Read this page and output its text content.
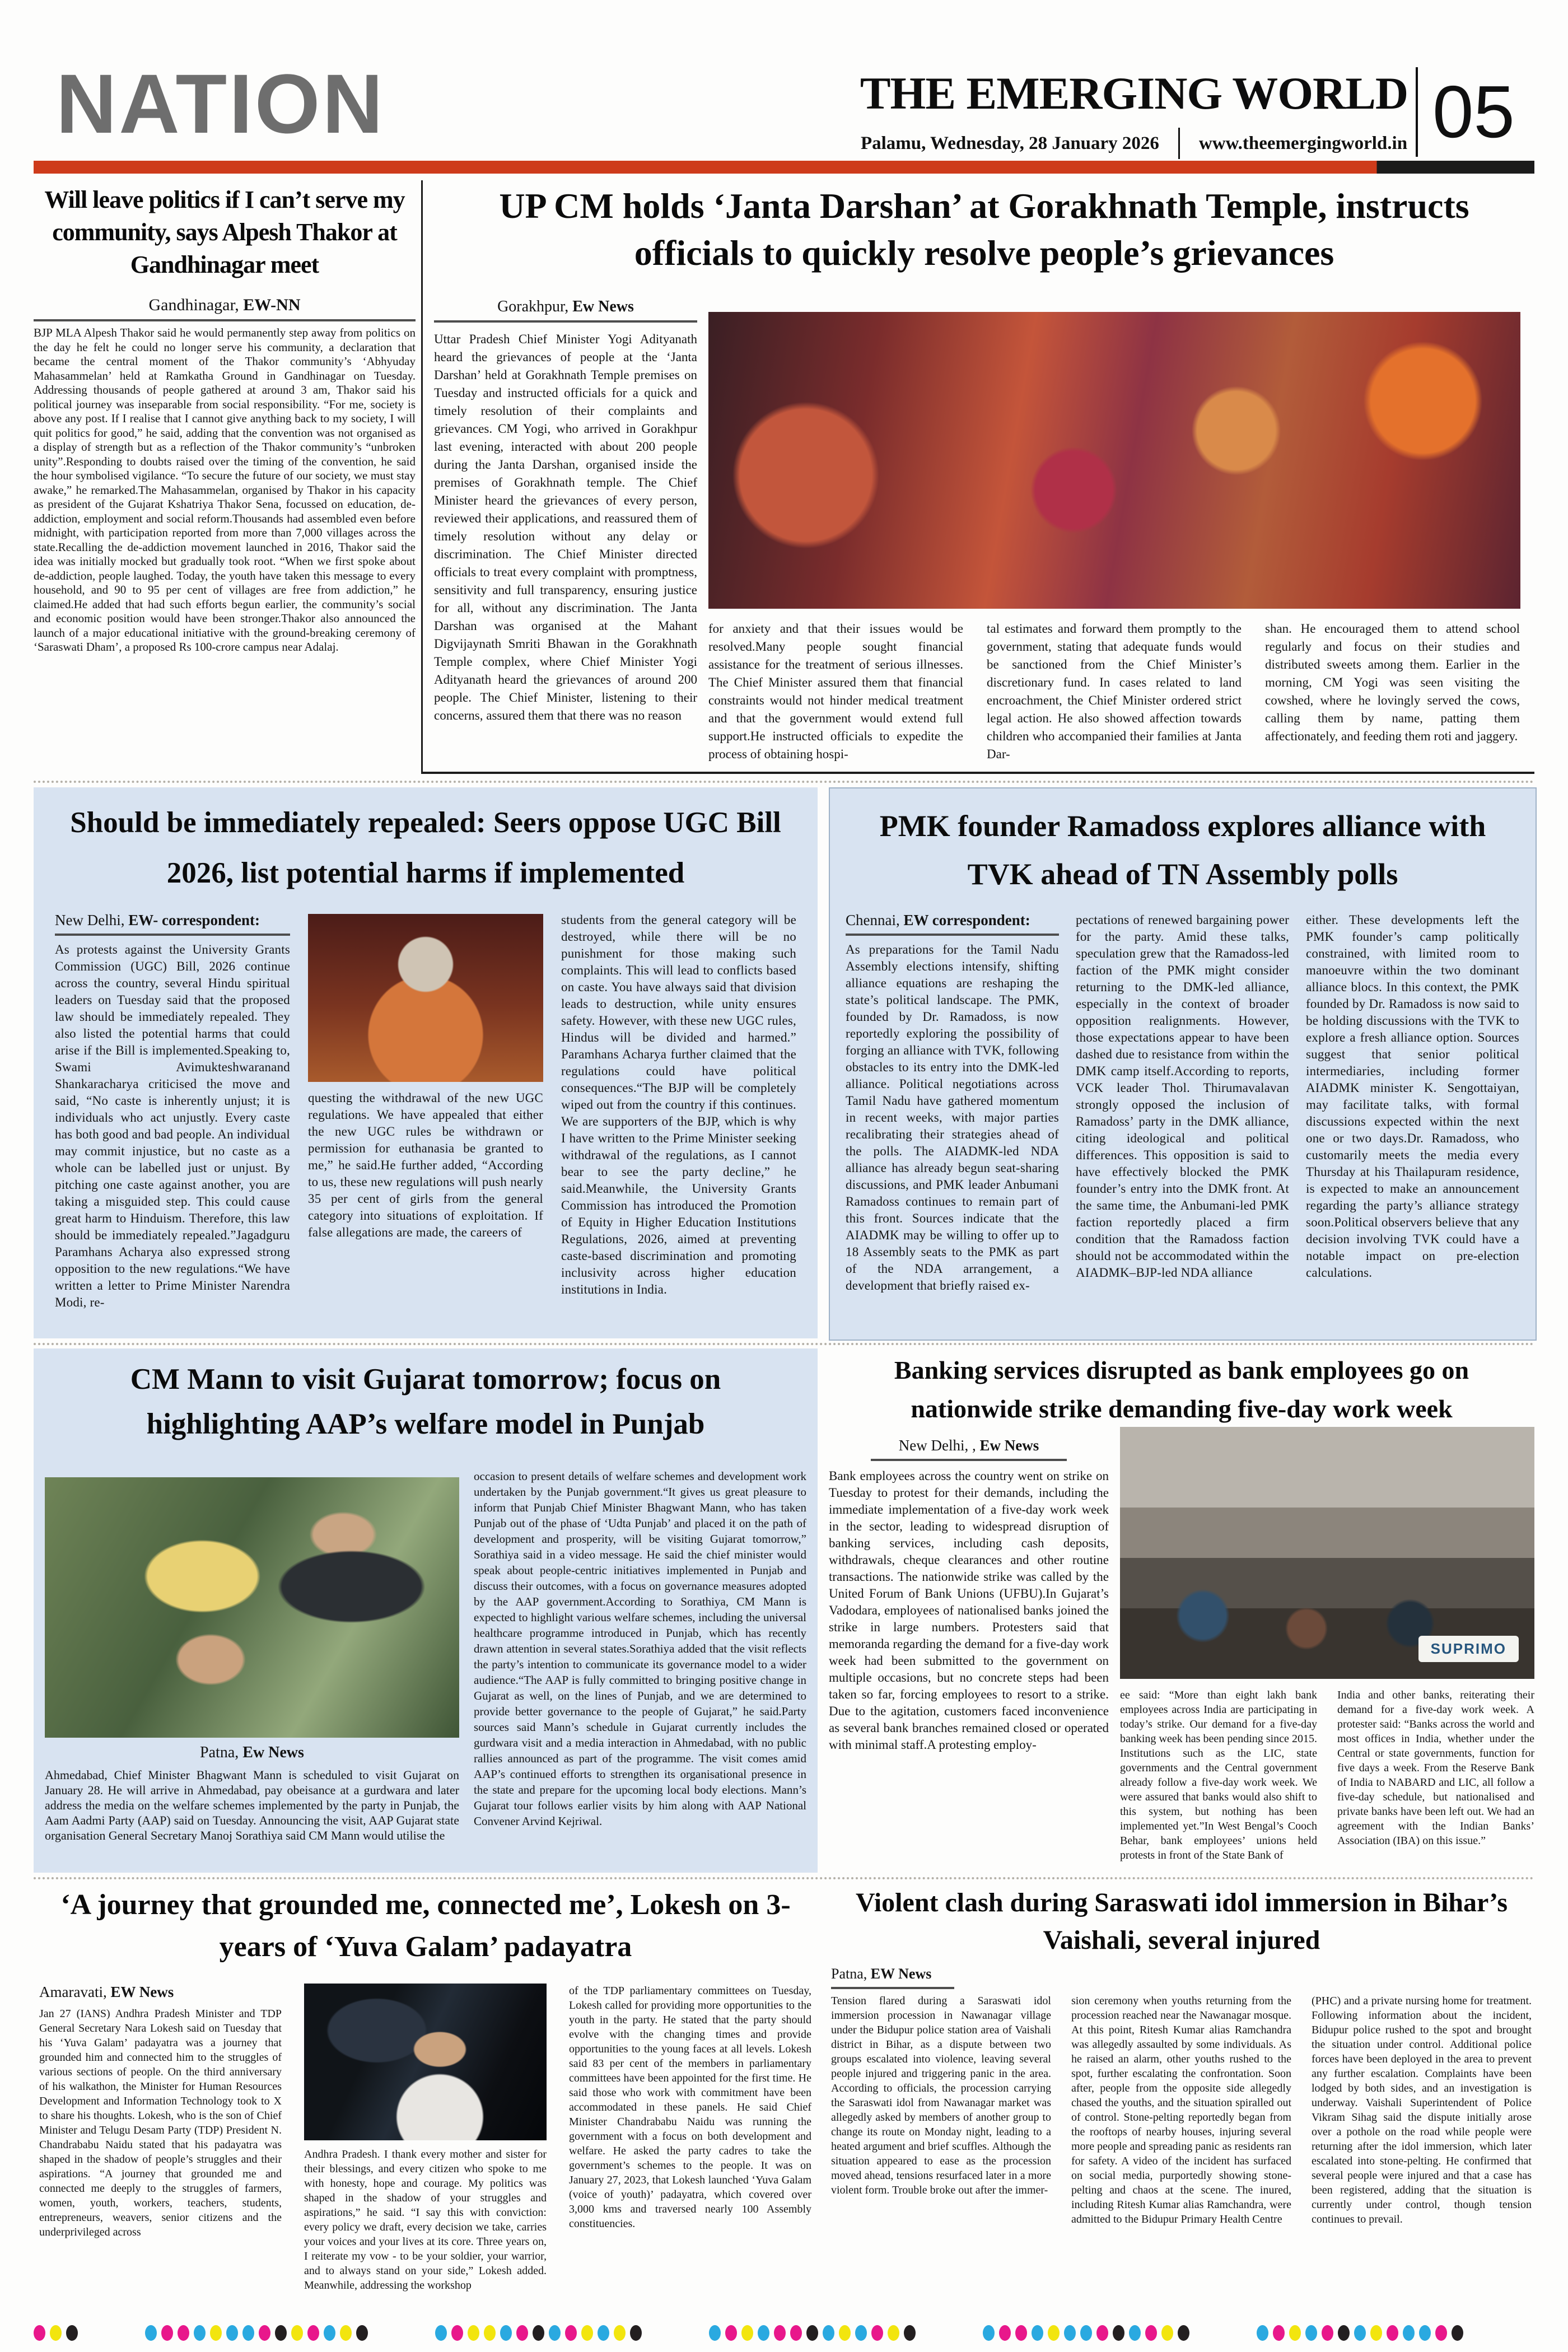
NATION	THE EMERGING WORLD
Palamu, Wednesday, 28 January 2026 www.theemergingworld.in 05
Will leave politics if I can’t serve my community, says Alpesh Thakor at Gandhinagar meet
Gandhinagar, EW-NN
BJP MLA Alpesh Thakor said he would permanently step away from politics on the day he felt he could no longer serve his community, a declaration that became the central moment of the Thakor community’s ‘Abhyuday Mahasammelan’ held at Ramkatha Ground in Gandhinagar on Tuesday. Addressing thousands of people gathered at around 3 am, Thakor said his political journey was inseparable from social responsibility. “For me, society is above any post. If I realise that I cannot give anything back to my society, I will quit politics for good,” he said, adding that the convention was not organised as a display of strength but as a reflection of the Thakor community’s “unbroken unity”.Responding to doubts raised over the timing of the convention, he said the hour symbolised vigilance. “To secure the future of our society, we must stay awake,” he remarked.The Mahasammelan, organised by Thakor in his capacity as president of the Gujarat Kshatriya Thakor Sena, focussed on education, de-addiction, employment and social reform.Thousands had assembled even before midnight, with participation reported from more than 7,000 villages across the state.Recalling the de-addiction movement launched in 2016, Thakor said the idea was initially mocked but gradually took root. “When we first spoke about de-addiction, people laughed. Today, the youth have taken this message to every household, and 90 to 95 per cent of villages are free from addiction,” he claimed.He added that had such efforts begun earlier, the community’s social and economic position would have been stronger.Thakor also announced the launch of a major educational initiative with the ground-breaking ceremony of ‘Saraswati Dham’, a proposed Rs 100-crore campus near Adalaj.
UP CM holds ‘Janta Darshan’ at Gorakhnath Temple, instructs officials to quickly resolve people’s grievances
Gorakhpur, Ew News
Uttar Pradesh Chief Minister Yogi Adityanath heard the grievances of people at the ‘Janta Darshan’ held at Gorakhnath Temple premises on Tuesday and instructed officials for a quick and timely resolution of their complaints and grievances. CM Yogi, who arrived in Gorakhpur last evening, interacted with about 200 people during the Janta Darshan, organised inside the premises of Gorakhnath temple. The Chief Minister heard the grievances of every person, reviewed their applications, and reassured them of timely resolution without any delay or discrimination. The Chief Minister directed officials to treat every complaint with promptness, sensitivity and full transparency, ensuring justice for all, without any discrimination. The Janta Darshan was organised at the Mahant Digvijaynath Smriti Bhawan in the Gorakhnath Temple complex, where Chief Minister Yogi Adityanath heard the grievances of around 200 people. The Chief Minister, listening to their concerns, assured them that there was no reason
for anxiety and that their issues would be resolved.Many people sought financial assistance for the treatment of serious illnesses. The Chief Minister assured them that financial constraints would not hinder medical treatment and that the government would extend full support.He instructed officials to expedite the process of obtaining hospi-
tal estimates and forward them promptly to the government, stating that adequate funds would be sanctioned from the Chief Minister’s discretionary fund. In cases related to land encroachment, the Chief Minister ordered strict legal action. He also showed affection towards children who accompanied their families at Janta Dar-
shan. He encouraged them to attend school regularly and focus on their studies and distributed sweets among them. Earlier in the morning, CM Yogi was seen visiting the cowshed, where he lovingly served the cows, calling them by name, patting them affectionately, and feeding them roti and jaggery.
Should be immediately repealed: Seers oppose UGC Bill 2026, list potential harms if implemented
New Delhi, EW- correspondent:
As protests against the University Grants Commission (UGC) Bill, 2026 continue across the country, several Hindu spiritual leaders on Tuesday said that the proposed law should be immediately repealed. They also listed the potential harms that could arise if the Bill is implemented.Speaking to, Swami Avimukteshwaranand Shankaracharya criticised the move and said, “No caste is inherently unjust; it is individuals who act unjustly. Every caste has both good and bad people. An individual may commit injustice, but no caste as a whole can be labelled just or unjust. By pitching one caste against another, you are taking a misguided step. This could cause great harm to Hinduism. Therefore, this law should be immediately repealed.”Jagadguru Paramhans Acharya also expressed strong opposition to the new regulations.“We have written a letter to Prime Minister Narendra Modi, re-
questing the withdrawal of the new UGC regulations. We have appealed that either the new UGC rules be withdrawn or permission for euthanasia be granted to me,” he said.He further added, “According to us, these new regulations will push nearly 35 per cent of girls from the general category into situations of exploitation. If false allegations are made, the careers of
students from the general category will be destroyed, while there will be no punishment for those making such complaints. This will lead to conflicts based on caste. You have always said that division leads to destruction, while unity ensures safety. However, with these new UGC rules, Hindus will be divided and harmed.” Paramhans Acharya further claimed that the regulations could have political consequences.“The BJP will be completely wiped out from the country if this continues. We are supporters of the BJP, which is why I have written to the Prime Minister seeking withdrawal of the regulations, as I cannot bear to see the party decline,” he said.Meanwhile, the University Grants Commission has introduced the Promotion of Equity in Higher Education Institutions Regulations, 2026, aimed at preventing caste-based discrimination and promoting inclusivity across higher education institutions in India.
PMK founder Ramadoss explores alliance with TVK ahead of TN Assembly polls
Chennai, EW correspondent:
As preparations for the Tamil Nadu Assembly elections intensify, shifting alliance equations are reshaping the state’s political landscape. The PMK, founded by Dr. Ramadoss, is now reportedly exploring the possibility of forging an alliance with TVK, following obstacles to its entry into the DMK-led alliance. Political negotiations across Tamil Nadu have gathered momentum in recent weeks, with major parties recalibrating their strategies ahead of the polls. The AIADMK-led NDA alliance has already begun seat-sharing discussions, and PMK leader Anbumani Ramadoss continues to remain part of this front. Sources indicate that the AIADMK may be willing to offer up to 18 Assembly seats to the PMK as part of the NDA arrangement, a development that briefly raised ex-
pectations of renewed bargaining power for the party. Amid these talks, speculation grew that the Ramadoss-led faction of the PMK might consider returning to the DMK-led alliance, especially in the context of broader opposition realignments. However, those expectations appear to have been dashed due to resistance from within the DMK camp itself.According to reports, VCK leader Thol. Thirumavalavan strongly opposed the inclusion of Ramadoss’ party in the DMK alliance, citing ideological and political differences. This opposition is said to have effectively blocked the PMK founder’s entry into the DMK front. At the same time, the Anbumani-led PMK faction reportedly placed a firm condition that the Ramadoss faction should not be accommodated within the AIADMK–BJP-led NDA alliance
either. These developments left the PMK founder’s camp politically constrained, with limited room to manoeuvre within the two dominant alliance blocs. In this context, the PMK founded by Dr. Ramadoss is now said to be holding discussions with the TVK to explore a fresh alliance option. Sources suggest that senior political intermediaries, including former AIADMK minister K. Sengottaiyan, may facilitate talks, with formal discussions expected within the next one or two days.Dr. Ramadoss, who customarily meets the media every Thursday at his Thailapuram residence, is expected to make an announcement regarding the party’s alliance strategy soon.Political observers believe that any decision involving TVK could have a notable impact on pre-election calculations.
CM Mann to visit Gujarat tomorrow; focus on highlighting AAP’s welfare model in Punjab
Patna, Ew News
Ahmedabad, Chief Minister Bhagwant Mann is scheduled to visit Gujarat on January 28. He will arrive in Ahmedabad, pay obeisance at a gurdwara and later address the media on the welfare schemes implemented by the party in Punjab, the Aam Aadmi Party (AAP) said on Tuesday. Announcing the visit, AAP Gujarat state organisation General Secretary Manoj Sorathiya said CM Mann would utilise the
occasion to present details of welfare schemes and development work undertaken by the Punjab government.“It gives us great pleasure to inform that Punjab Chief Minister Bhagwant Mann, who has taken Punjab out of the phase of ‘Udta Punjab’ and placed it on the path of development and prosperity, will be visiting Gujarat tomorrow,” Sorathiya said in a video message. He said the chief minister would speak about people-centric initiatives implemented in Punjab and discuss their outcomes, with a focus on governance measures adopted by the AAP government.According to Sorathiya, CM Mann is expected to highlight various welfare schemes, including the universal healthcare programme introduced in Punjab, which has recently drawn attention in several states.Sorathiya added that the visit reflects the party’s intention to communicate its governance model to a wider audience.“The AAP is fully committed to bringing positive change in Gujarat as well, on the lines of Punjab, and we are determined to provide better governance to the people of Gujarat,” he said.Party sources said Mann’s schedule in Gujarat currently includes the gurdwara visit and a media interaction in Ahmedabad, with no public rallies announced as part of the programme. The visit comes amid AAP’s continued efforts to strengthen its organisational presence in the state and prepare for the upcoming local body elections. Mann’s Gujarat tour follows earlier visits by him along with AAP National Convener Arvind Kejriwal.
Banking services disrupted as bank employees go on nationwide strike demanding five-day work week
New Delhi, , Ew News
Bank employees across the country went on strike on Tuesday to protest for their demands, including the immediate implementation of a five-day work week in the sector, leading to widespread disruption of banking services, including cash deposits, withdrawals, cheque clearances and other routine transactions. The nationwide strike was called by the United Forum of Bank Unions (UFBU).In Gujarat’s Vadodara, employees of nationalised banks joined the strike in large numbers. Protesters said that memoranda regarding the demand for a five-day work week had been submitted to the government on multiple occasions, but no concrete steps had been taken so far, forcing employees to resort to a strike. Due to the agitation, customers faced inconvenience as several bank branches remained closed or operated with minimal staff.A protesting employ-
SUPRIMO
ee said: “More than eight lakh bank employees across India are participating in today’s strike. Our demand for a five-day banking week has been pending since 2015. Institutions such as the LIC, state governments and the Central government already follow a five-day work week. We were assured that banks would also shift to this system, but nothing has been implemented yet.”In West Bengal’s Cooch Behar, bank employees’ unions held protests in front of the State Bank of
India and other banks, reiterating their demand for a five-day work week. A protester said: “Banks across the world and most offices in India, whether under the Central or state governments, function for five days a week. From the Reserve Bank of India to NABARD and LIC, all follow a five-day schedule, but nationalised and private banks have been left out. We had an agreement with the Indian Banks’ Association (IBA) on this issue.”
‘A journey that grounded me, connected me’, Lokesh on 3-years of ‘Yuva Galam’ padayatra
Amaravati, EW News
Jan 27 (IANS) Andhra Pradesh Minister and TDP General Secretary Nara Lokesh said on Tuesday that his ‘Yuva Galam’ padayatra was a journey that grounded him and connected him to the struggles of various sections of people. On the third anniversary of his walkathon, the Minister for Human Resources Development and Information Technology took to X to share his thoughts. Lokesh, who is the son of Chief Minister and Telugu Desam Party (TDP) President N. Chandrababu Naidu stated that his padayatra was shaped in the shadow of people’s struggles and their aspirations. “A journey that grounded me and connected me deeply to the struggles of farmers, women, youth, workers, teachers, students, entrepreneurs, weavers, senior citizens and the underprivileged across
Andhra Pradesh. I thank every mother and sister for their blessings, and every citizen who spoke to me with honesty, hope and courage. My politics was shaped in the shadow of your struggles and aspirations,” he said. “I say this with conviction: every policy we draft, every decision we take, carries your voices and your lives at its core. Three years on, I reiterate my vow - to be your soldier, your warrior, and to always stand on your side,” Lokesh added. Meanwhile, addressing the workshop
of the TDP parliamentary committees on Tuesday, Lokesh called for providing more opportunities to the youth in the party. He stated that the party should evolve with the changing times and provide opportunities to the young faces at all levels. Lokesh said 83 per cent of the members in parliamentary committees have been appointed for the first time. He said those who work with commitment have been accommodated in these panels. He said Chief Minister Chandrababu Naidu was running the government with a focus on both development and welfare. He asked the party cadres to take the government’s schemes to the people. It was on January 27, 2023, that Lokesh launched ‘Yuva Galam (voice of youth)’ padayatra, which covered over 3,000 kms and traversed nearly 100 Assembly constituencies.
Violent clash during Saraswati idol immersion in Bihar’s Vaishali, several injured
Patna, EW News
Tension flared during a Saraswati idol immersion procession in Nawanagar village under the Bidupur police station area of Vaishali district in Bihar, as a dispute between two groups escalated into violence, leaving several people injured and triggering panic in the area. According to officials, the procession carrying the Saraswati idol from Nawanagar market was allegedly asked by members of another group to change its route on Monday night, leading to a heated argument and brief scuffles. Although the situation appeared to ease as the procession moved ahead, tensions resurfaced later in a more violent form. Trouble broke out after the immer-
sion ceremony when youths returning from the procession reached near the Nawanagar mosque. At this point, Ritesh Kumar alias Ramchandra was allegedly assaulted by some individuals. As he raised an alarm, other youths rushed to the spot, further escalating the confrontation. Soon after, people from the opposite side allegedly chased the youths, and the situation spiralled out of control. Stone-pelting reportedly began from the rooftops of nearby houses, injuring several more people and spreading panic as residents ran for safety. A video of the incident has surfaced on social media, purportedly showing stone-pelting and chaos at the scene. The inured, including Ritesh Kumar alias Ramchandra, were admitted to the Bidupur Primary Health Centre
(PHC) and a private nursing home for treatment. Following information about the incident, Bidupur police rushed to the spot and brought the situation under control. Additional police forces have been deployed in the area to prevent any further escalation. Complaints have been lodged by both sides, and an investigation is underway. Vaishali Superintendent of Police Vikram Sihag said the dispute initially arose over a pothole on the road while people were returning after the idol immersion, which later escalated into stone-pelting. He confirmed that several people were injured and that a case has been registered, adding that the situation is currently under control, though tension continues to prevail.
